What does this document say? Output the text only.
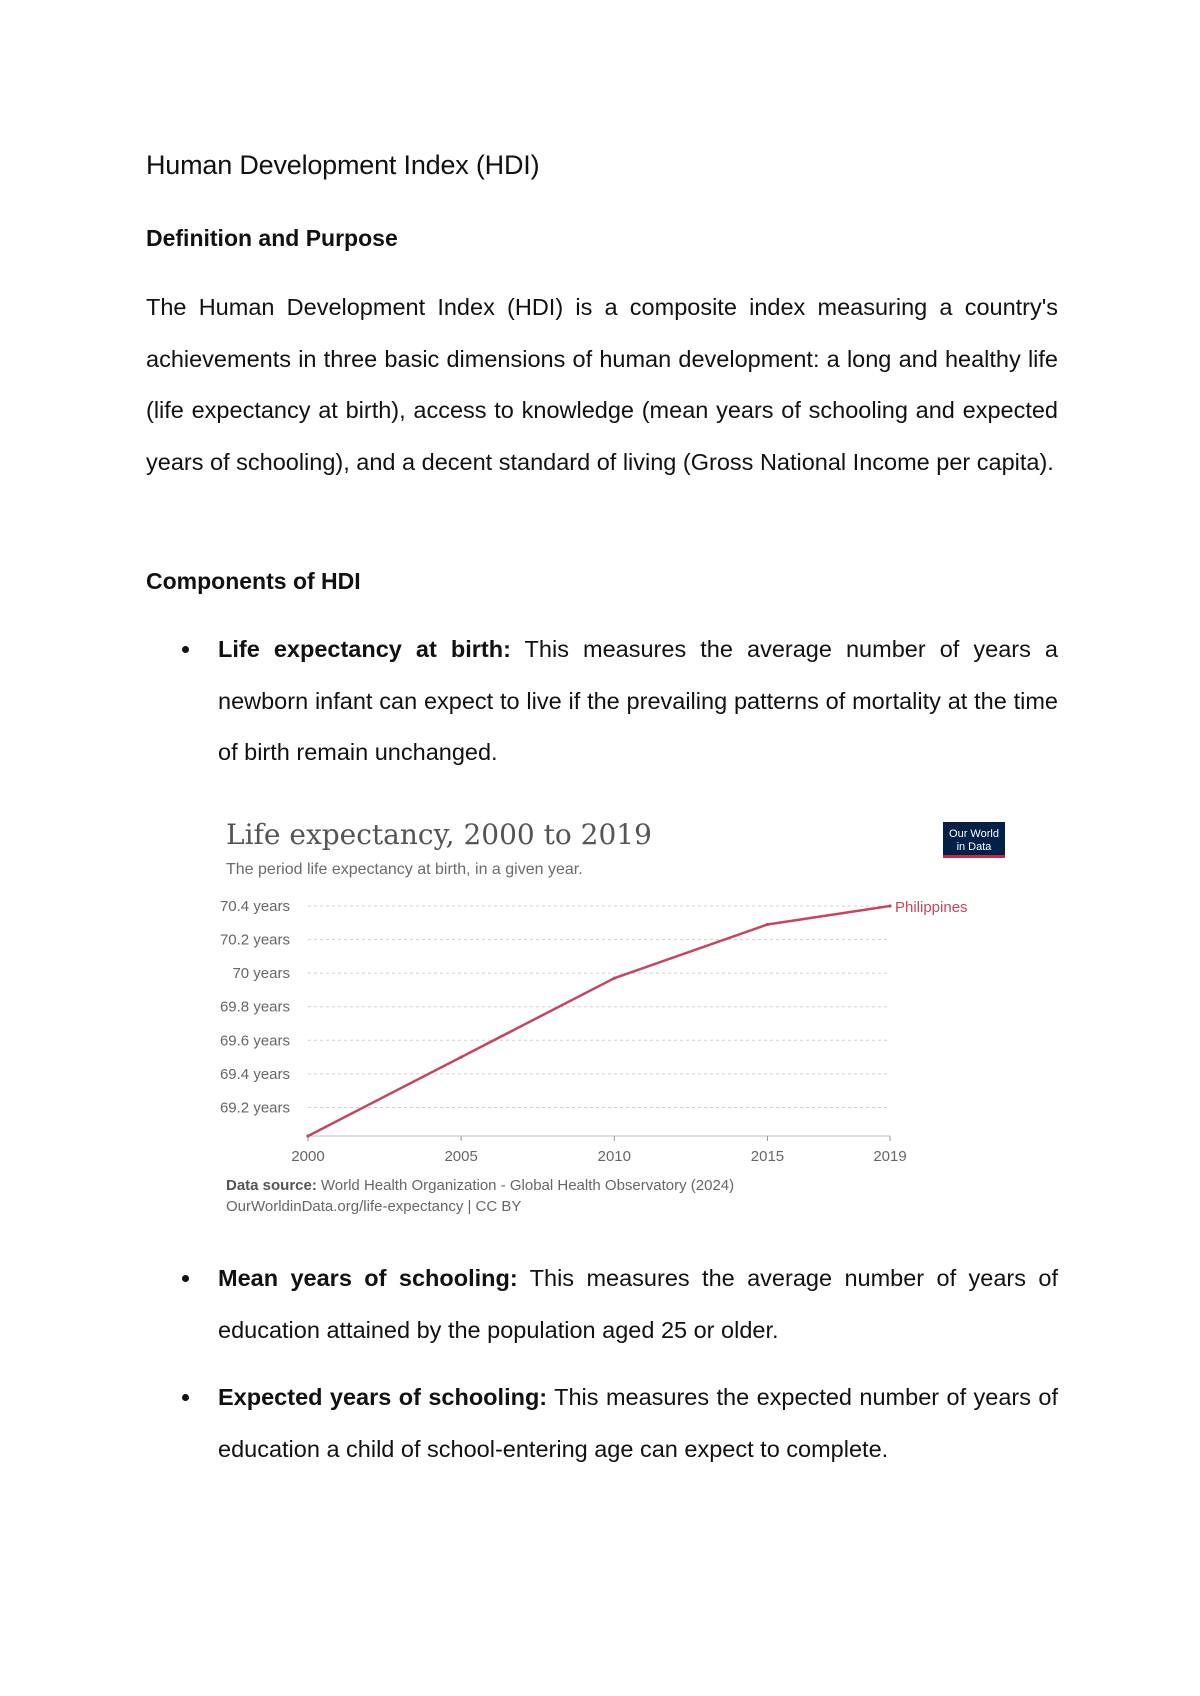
Human Development Index (HDI)
Definition and Purpose

The Human Development Index (HDI) is a composite index measuring a country's achievements in three basic dimensions of human development: a long and healthy life (life expectancy at birth), access to knowledge (mean years of schooling and expected years of schooling), and a decent standard of living (Gross National Income per capita).

Components of HDI

Life expectancy at birth: This measures the average number of years a newborn infant can expect to live if the prevailing patterns of mortality at the time of birth remain unchanged.

Life expectancy, 2000 to 2019
The period life expectancy at birth, in a given year.
Our World
in Data
69.2 years
69.4 years
69.6 years
69.8 years
70 years
70.2 years
70.4 years
2000	2005	2010	2015	2019
Philippines
Data source: World Health Organization - Global Health Observatory (2024)
OurWorldinData.org/life-expectancy | CC BY

Mean years of schooling: This measures the average number of years of education attained by the population aged 25 or older.

Expected years of schooling: This measures the expected number of years of education a child of school-entering age can expect to complete.
